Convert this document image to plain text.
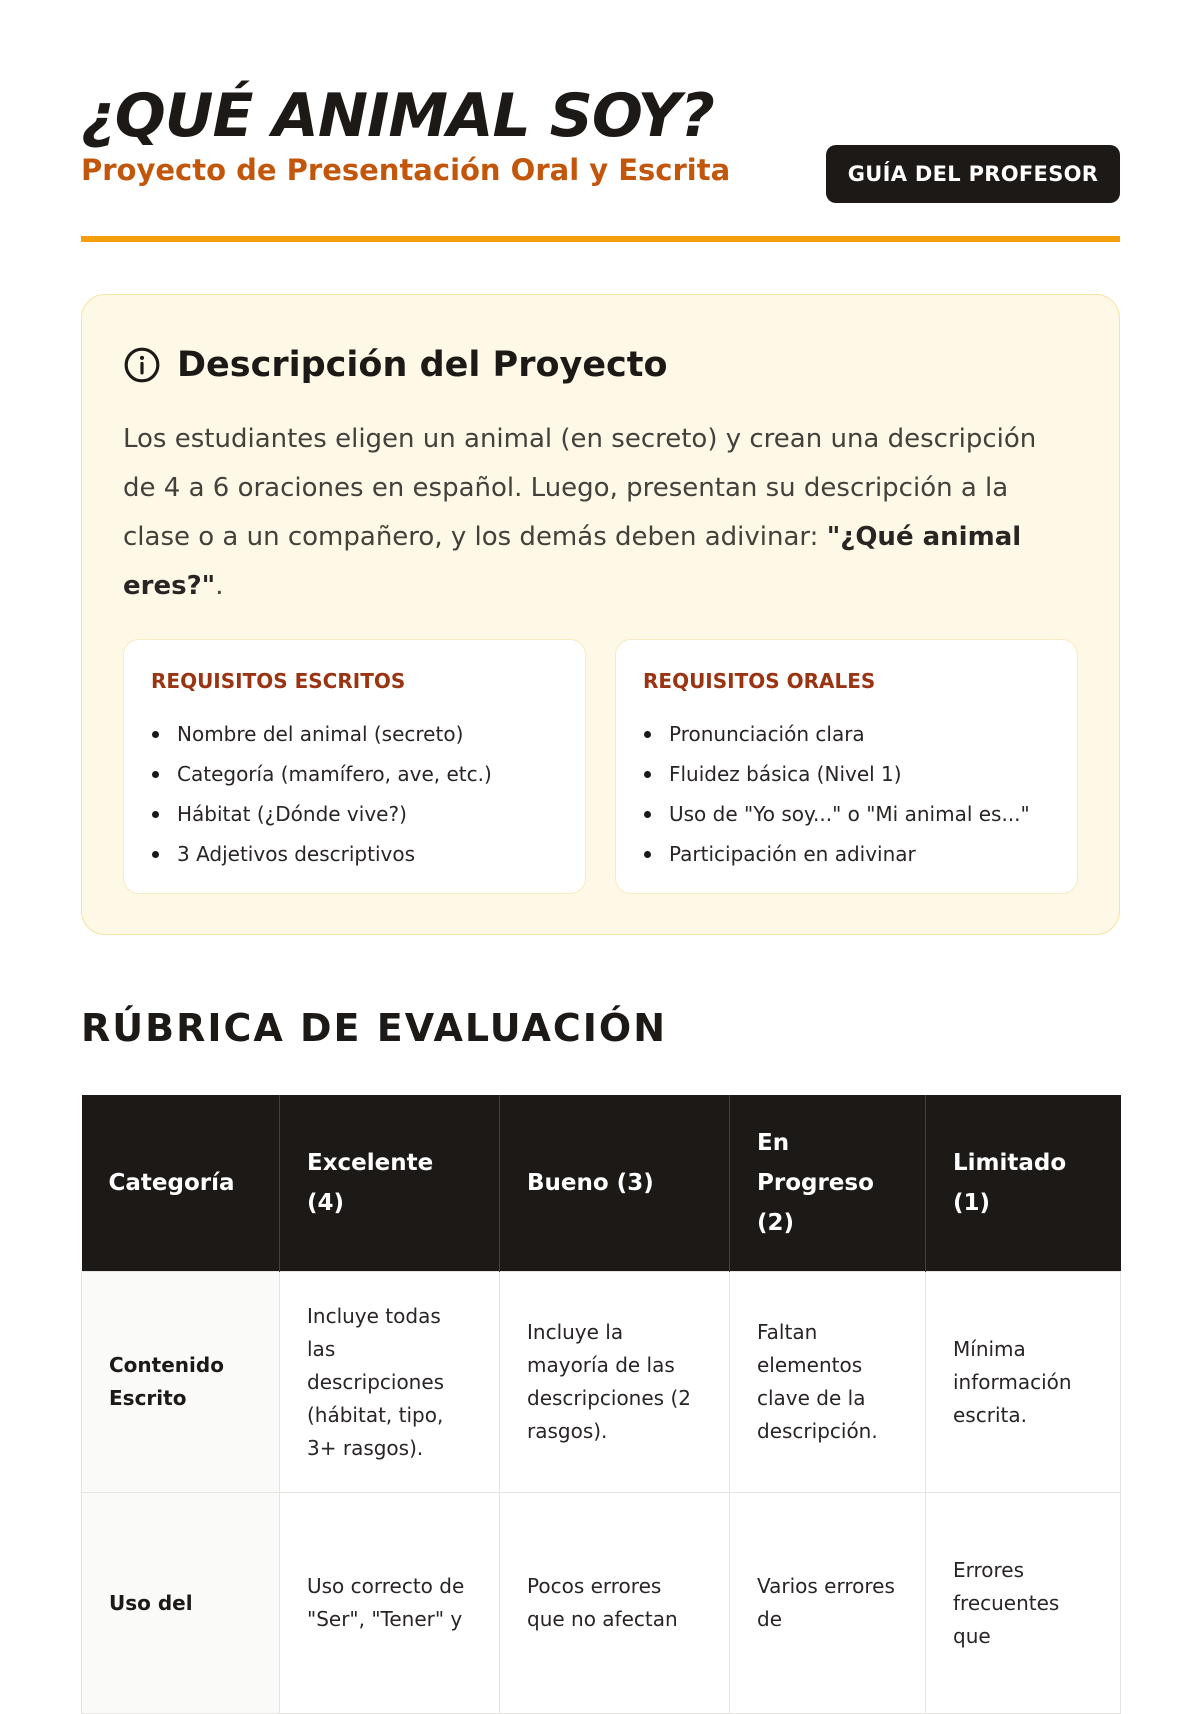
¿QUÉ ANIMAL SOY?
Proyecto de Presentación Oral y Escrita	GUÍA DEL PROFESOR
Descripción del Proyecto

Los estudiantes eligen un animal (en secreto) y crean una descripción de 4 a 6 oraciones en español. Luego, presentan su descripción a la clase o a un compañero, y los demás deben adivinar: "¿Qué animal eres?".

REQUISITOS ESCRITOS
Nombre del animal (secreto)
Categoría (mamífero, ave, etc.)
Hábitat (¿Dónde vive?)
3 Adjetivos descriptivos
REQUISITOS ORALES
Pronunciación clara
Fluidez básica (Nivel 1)
Uso de "Yo soy..." o "Mi animal es..."
Participación en adivinar
RÚBRICA DE EVALUACIÓN
Categoría	Excelente (4)	Bueno (3)	En Progreso (2)	Limitado (1)
Contenido Escrito	Incluye todas las descripciones (hábitat, tipo, 3+ rasgos).	Incluye la mayoría de las descripciones (2 rasgos).	Faltan elementos clave de la descripción.	Mínima información escrita.
Uso del	Uso correcto de "Ser", "Tener" y	Pocos errores que no afectan	Varios errores de	Errores frecuentes que
